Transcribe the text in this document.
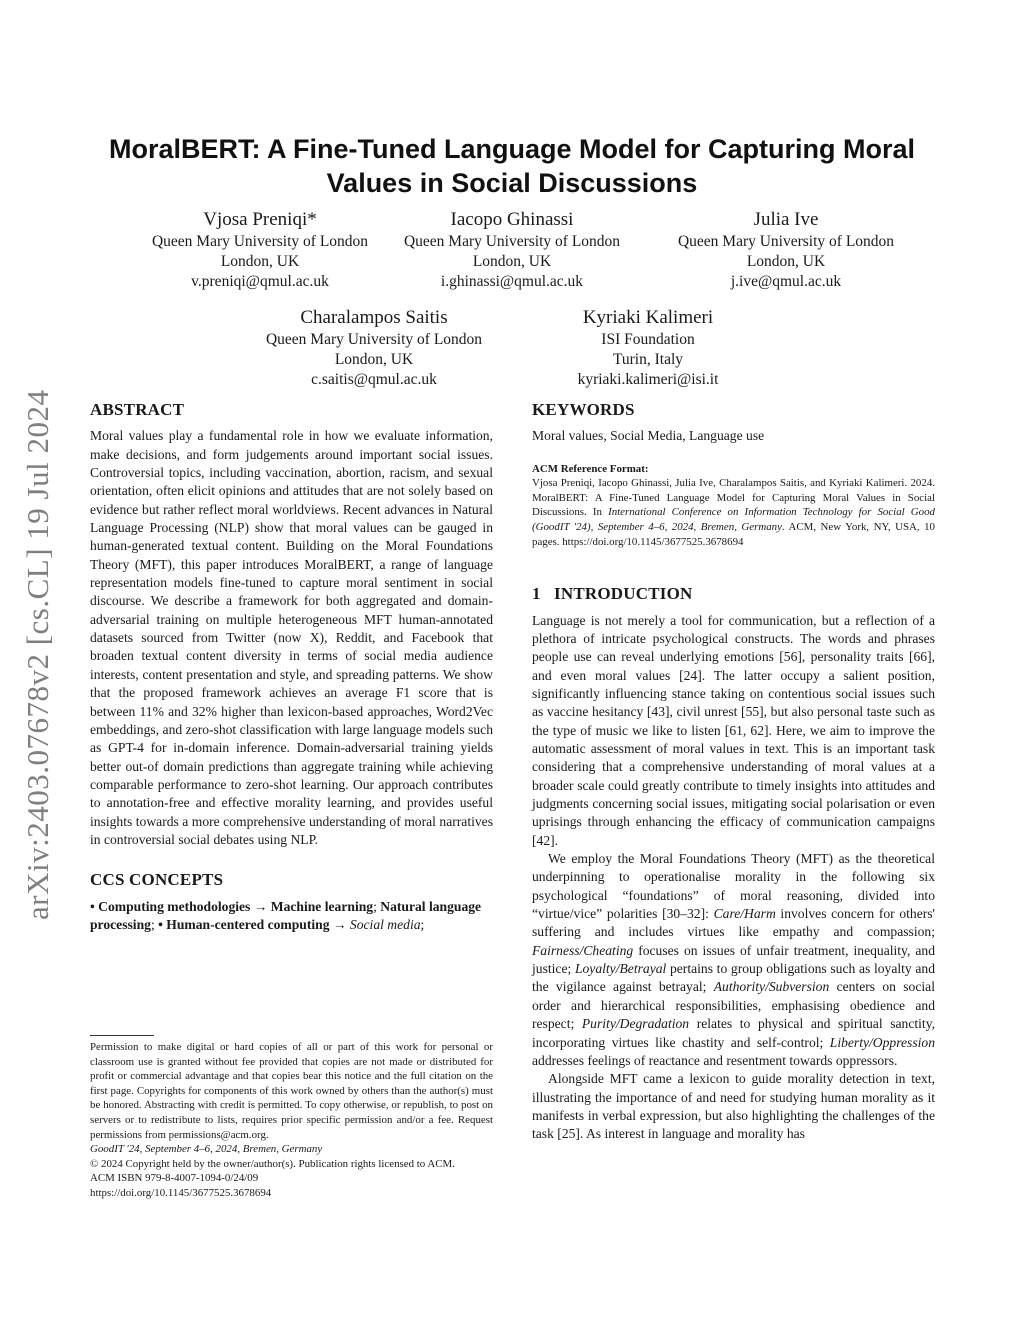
arXiv:2403.07678v2 [cs.CL] 19 Jul 2024
MoralBERT: A Fine-Tuned Language Model for Capturing Moral Values in Social Discussions
Vjosa Preniqi*
Queen Mary University of London
London, UK
v.preniqi@qmul.ac.uk
Iacopo Ghinassi
Queen Mary University of London
London, UK
i.ghinassi@qmul.ac.uk
Julia Ive
Queen Mary University of London
London, UK
j.ive@qmul.ac.uk
Charalampos Saitis
Queen Mary University of London
London, UK
c.saitis@qmul.ac.uk
Kyriaki Kalimeri
ISI Foundation
Turin, Italy
kyriaki.kalimeri@isi.it
ABSTRACT

Moral values play a fundamental role in how we evaluate information, make decisions, and form judgements around important social issues. Controversial topics, including vaccination, abortion, racism, and sexual orientation, often elicit opinions and attitudes that are not solely based on evidence but rather reflect moral worldviews. Recent advances in Natural Language Processing (NLP) show that moral values can be gauged in human-generated textual content. Building on the Moral Foundations Theory (MFT), this paper introduces MoralBERT, a range of language representation models fine-tuned to capture moral sentiment in social discourse. We describe a framework for both aggregated and domain-adversarial training on multiple heterogeneous MFT human-annotated datasets sourced from Twitter (now X), Reddit, and Facebook that broaden textual content diversity in terms of social media audience interests, content presentation and style, and spreading patterns. We show that the proposed framework achieves an average F1 score that is between 11% and 32% higher than lexicon-based approaches, Word2Vec embeddings, and zero-shot classification with large language models such as GPT-4 for in-domain inference. Domain-adversarial training yields better out-of domain predictions than aggregate training while achieving comparable performance to zero-shot learning. Our approach contributes to annotation-free and effective morality learning, and provides useful insights towards a more comprehensive understanding of moral narratives in controversial social debates using NLP.

CCS CONCEPTS

• Computing methodologies → Machine learning; Natural language processing; • Human-centered computing → Social media;

Permission to make digital or hard copies of all or part of this work for personal or classroom use is granted without fee provided that copies are not made or distributed for profit or commercial advantage and that copies bear this notice and the full citation on the first page. Copyrights for components of this work owned by others than the author(s) must be honored. Abstracting with credit is permitted. To copy otherwise, or republish, to post on servers or to redistribute to lists, requires prior specific permission and/or a fee. Request permissions from permissions@acm.org.

GoodIT '24, September 4–6, 2024, Bremen, Germany

© 2024 Copyright held by the owner/author(s). Publication rights licensed to ACM.

ACM ISBN 979-8-4007-1094-0/24/09

https://doi.org/10.1145/3677525.3678694

KEYWORDS

Moral values, Social Media, Language use

ACM Reference Format:

Vjosa Preniqi, Iacopo Ghinassi, Julia Ive, Charalampos Saitis, and Kyriaki Kalimeri. 2024. MoralBERT: A Fine-Tuned Language Model for Capturing Moral Values in Social Discussions. In International Conference on Information Technology for Social Good (GoodIT '24), September 4–6, 2024, Bremen, Germany. ACM, New York, NY, USA, 10 pages. https://doi.org/10.1145/3677525.3678694

1   INTRODUCTION

Language is not merely a tool for communication, but a reflection of a plethora of intricate psychological constructs. The words and phrases people use can reveal underlying emotions [56], personality traits [66], and even moral values [24]. The latter occupy a salient position, significantly influencing stance taking on contentious social issues such as vaccine hesitancy [43], civil unrest [55], but also personal taste such as the type of music we like to listen [61, 62]. Here, we aim to improve the automatic assessment of moral values in text. This is an important task considering that a comprehensive understanding of moral values at a broader scale could greatly contribute to timely insights into attitudes and judgments concerning social issues, mitigating social polarisation or even uprisings through enhancing the efficacy of communication campaigns [42].

We employ the Moral Foundations Theory (MFT) as the theoretical underpinning to operationalise morality in the following six psychological “foundations” of moral reasoning, divided into “virtue/vice” polarities [30–32]: Care/Harm involves concern for others' suffering and includes virtues like empathy and compassion; Fairness/Cheating focuses on issues of unfair treatment, inequality, and justice; Loyalty/Betrayal pertains to group obligations such as loyalty and the vigilance against betrayal; Authority/Subversion centers on social order and hierarchical responsibilities, emphasising obedience and respect; Purity/Degradation relates to physical and spiritual sanctity, incorporating virtues like chastity and self-control; Liberty/Oppression addresses feelings of reactance and resentment towards oppressors.

Alongside MFT came a lexicon to guide morality detection in text, illustrating the importance of and need for studying human morality as it manifests in verbal expression, but also highlighting the challenges of the task [25]. As interest in language and morality has
